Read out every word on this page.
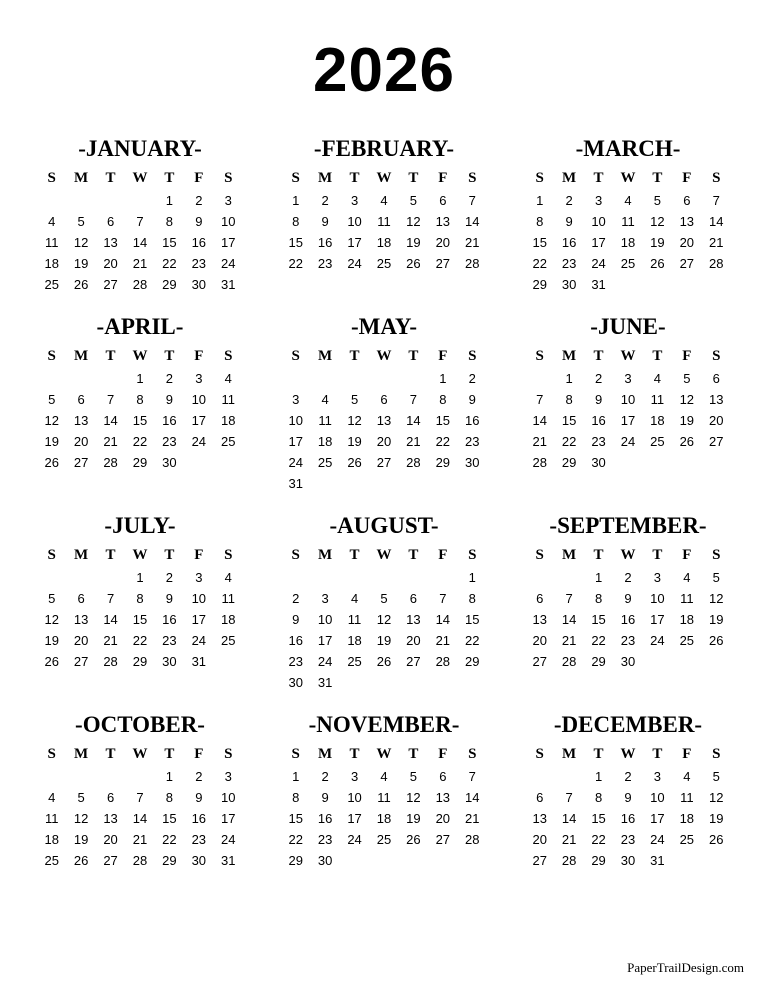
2026
-JANUARY-
S	M	T	W	T	F	S
				1	2	3
4	5	6	7	8	9	10
11	12	13	14	15	16	17
18	19	20	21	22	23	24
25	26	27	28	29	30	31
-FEBRUARY-
S	M	T	W	T	F	S
1	2	3	4	5	6	7
8	9	10	11	12	13	14
15	16	17	18	19	20	21
22	23	24	25	26	27	28
-MARCH-
S	M	T	W	T	F	S
1	2	3	4	5	6	7
8	9	10	11	12	13	14
15	16	17	18	19	20	21
22	23	24	25	26	27	28
29	30	31				
-APRIL-
S	M	T	W	T	F	S
			1	2	3	4
5	6	7	8	9	10	11
12	13	14	15	16	17	18
19	20	21	22	23	24	25
26	27	28	29	30		
-MAY-
S	M	T	W	T	F	S
					1	2
3	4	5	6	7	8	9
10	11	12	13	14	15	16
17	18	19	20	21	22	23
24	25	26	27	28	29	30
31						
-JUNE-
S	M	T	W	T	F	S
	1	2	3	4	5	6
7	8	9	10	11	12	13
14	15	16	17	18	19	20
21	22	23	24	25	26	27
28	29	30				
-JULY-
S	M	T	W	T	F	S
			1	2	3	4
5	6	7	8	9	10	11
12	13	14	15	16	17	18
19	20	21	22	23	24	25
26	27	28	29	30	31	
-AUGUST-
S	M	T	W	T	F	S
						1
2	3	4	5	6	7	8
9	10	11	12	13	14	15
16	17	18	19	20	21	22
23	24	25	26	27	28	29
30	31					
-SEPTEMBER-
S	M	T	W	T	F	S
		1	2	3	4	5
6	7	8	9	10	11	12
13	14	15	16	17	18	19
20	21	22	23	24	25	26
27	28	29	30			
-OCTOBER-
S	M	T	W	T	F	S
				1	2	3
4	5	6	7	8	9	10
11	12	13	14	15	16	17
18	19	20	21	22	23	24
25	26	27	28	29	30	31
-NOVEMBER-
S	M	T	W	T	F	S
1	2	3	4	5	6	7
8	9	10	11	12	13	14
15	16	17	18	19	20	21
22	23	24	25	26	27	28
29	30					
-DECEMBER-
S	M	T	W	T	F	S
		1	2	3	4	5
6	7	8	9	10	11	12
13	14	15	16	17	18	19
20	21	22	23	24	25	26
27	28	29	30	31		
PaperTrailDesign.com
